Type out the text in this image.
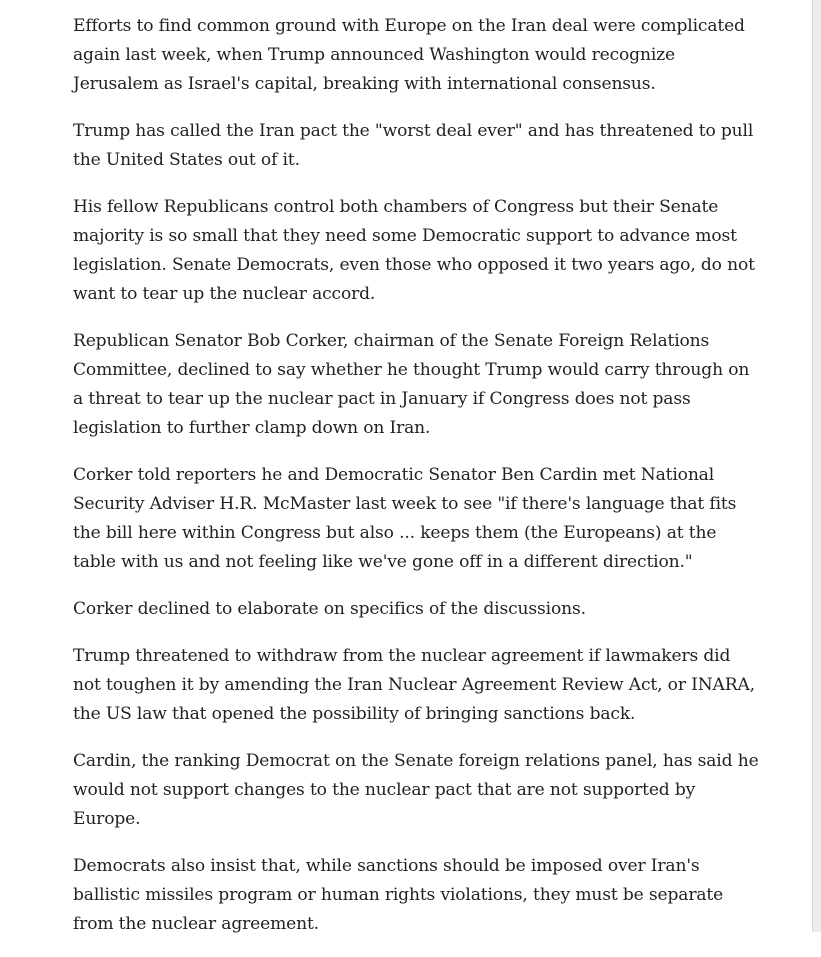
Efforts to find common ground with Europe on the Iran deal were complicated again last week, when Trump announced Washington would recognize Jerusalem as Israel's capital, breaking with international consensus.

Trump has called the Iran pact the "worst deal ever" and has threatened to pull the United States out of it.

His fellow Republicans control both chambers of Congress but their Senate majority is so small that they need some Democratic support to advance most legislation. Senate Democrats, even those who opposed it two years ago, do not want to tear up the nuclear accord.

Republican Senator Bob Corker, chairman of the Senate Foreign Relations Committee, declined to say whether he thought Trump would carry through on a threat to tear up the nuclear pact in January if Congress does not pass legislation to further clamp down on Iran.

Corker told reporters he and Democratic Senator Ben Cardin met National Security Adviser H.R. McMaster last week to see "if there's language that fits the bill here within Congress but also ... keeps them (the Europeans) at the table with us and not feeling like we've gone off in a different direction."

Corker declined to elaborate on specifics of the discussions.

Trump threatened to withdraw from the nuclear agreement if lawmakers did not toughen it by amending the Iran Nuclear Agreement Review Act, or INARA, the US law that opened the possibility of bringing sanctions back.

Cardin, the ranking Democrat on the Senate foreign relations panel, has said he would not support changes to the nuclear pact that are not supported by Europe.

Democrats also insist that, while sanctions should be imposed over Iran's ballistic missiles program or human rights violations, they must be separate from the nuclear agreement.
